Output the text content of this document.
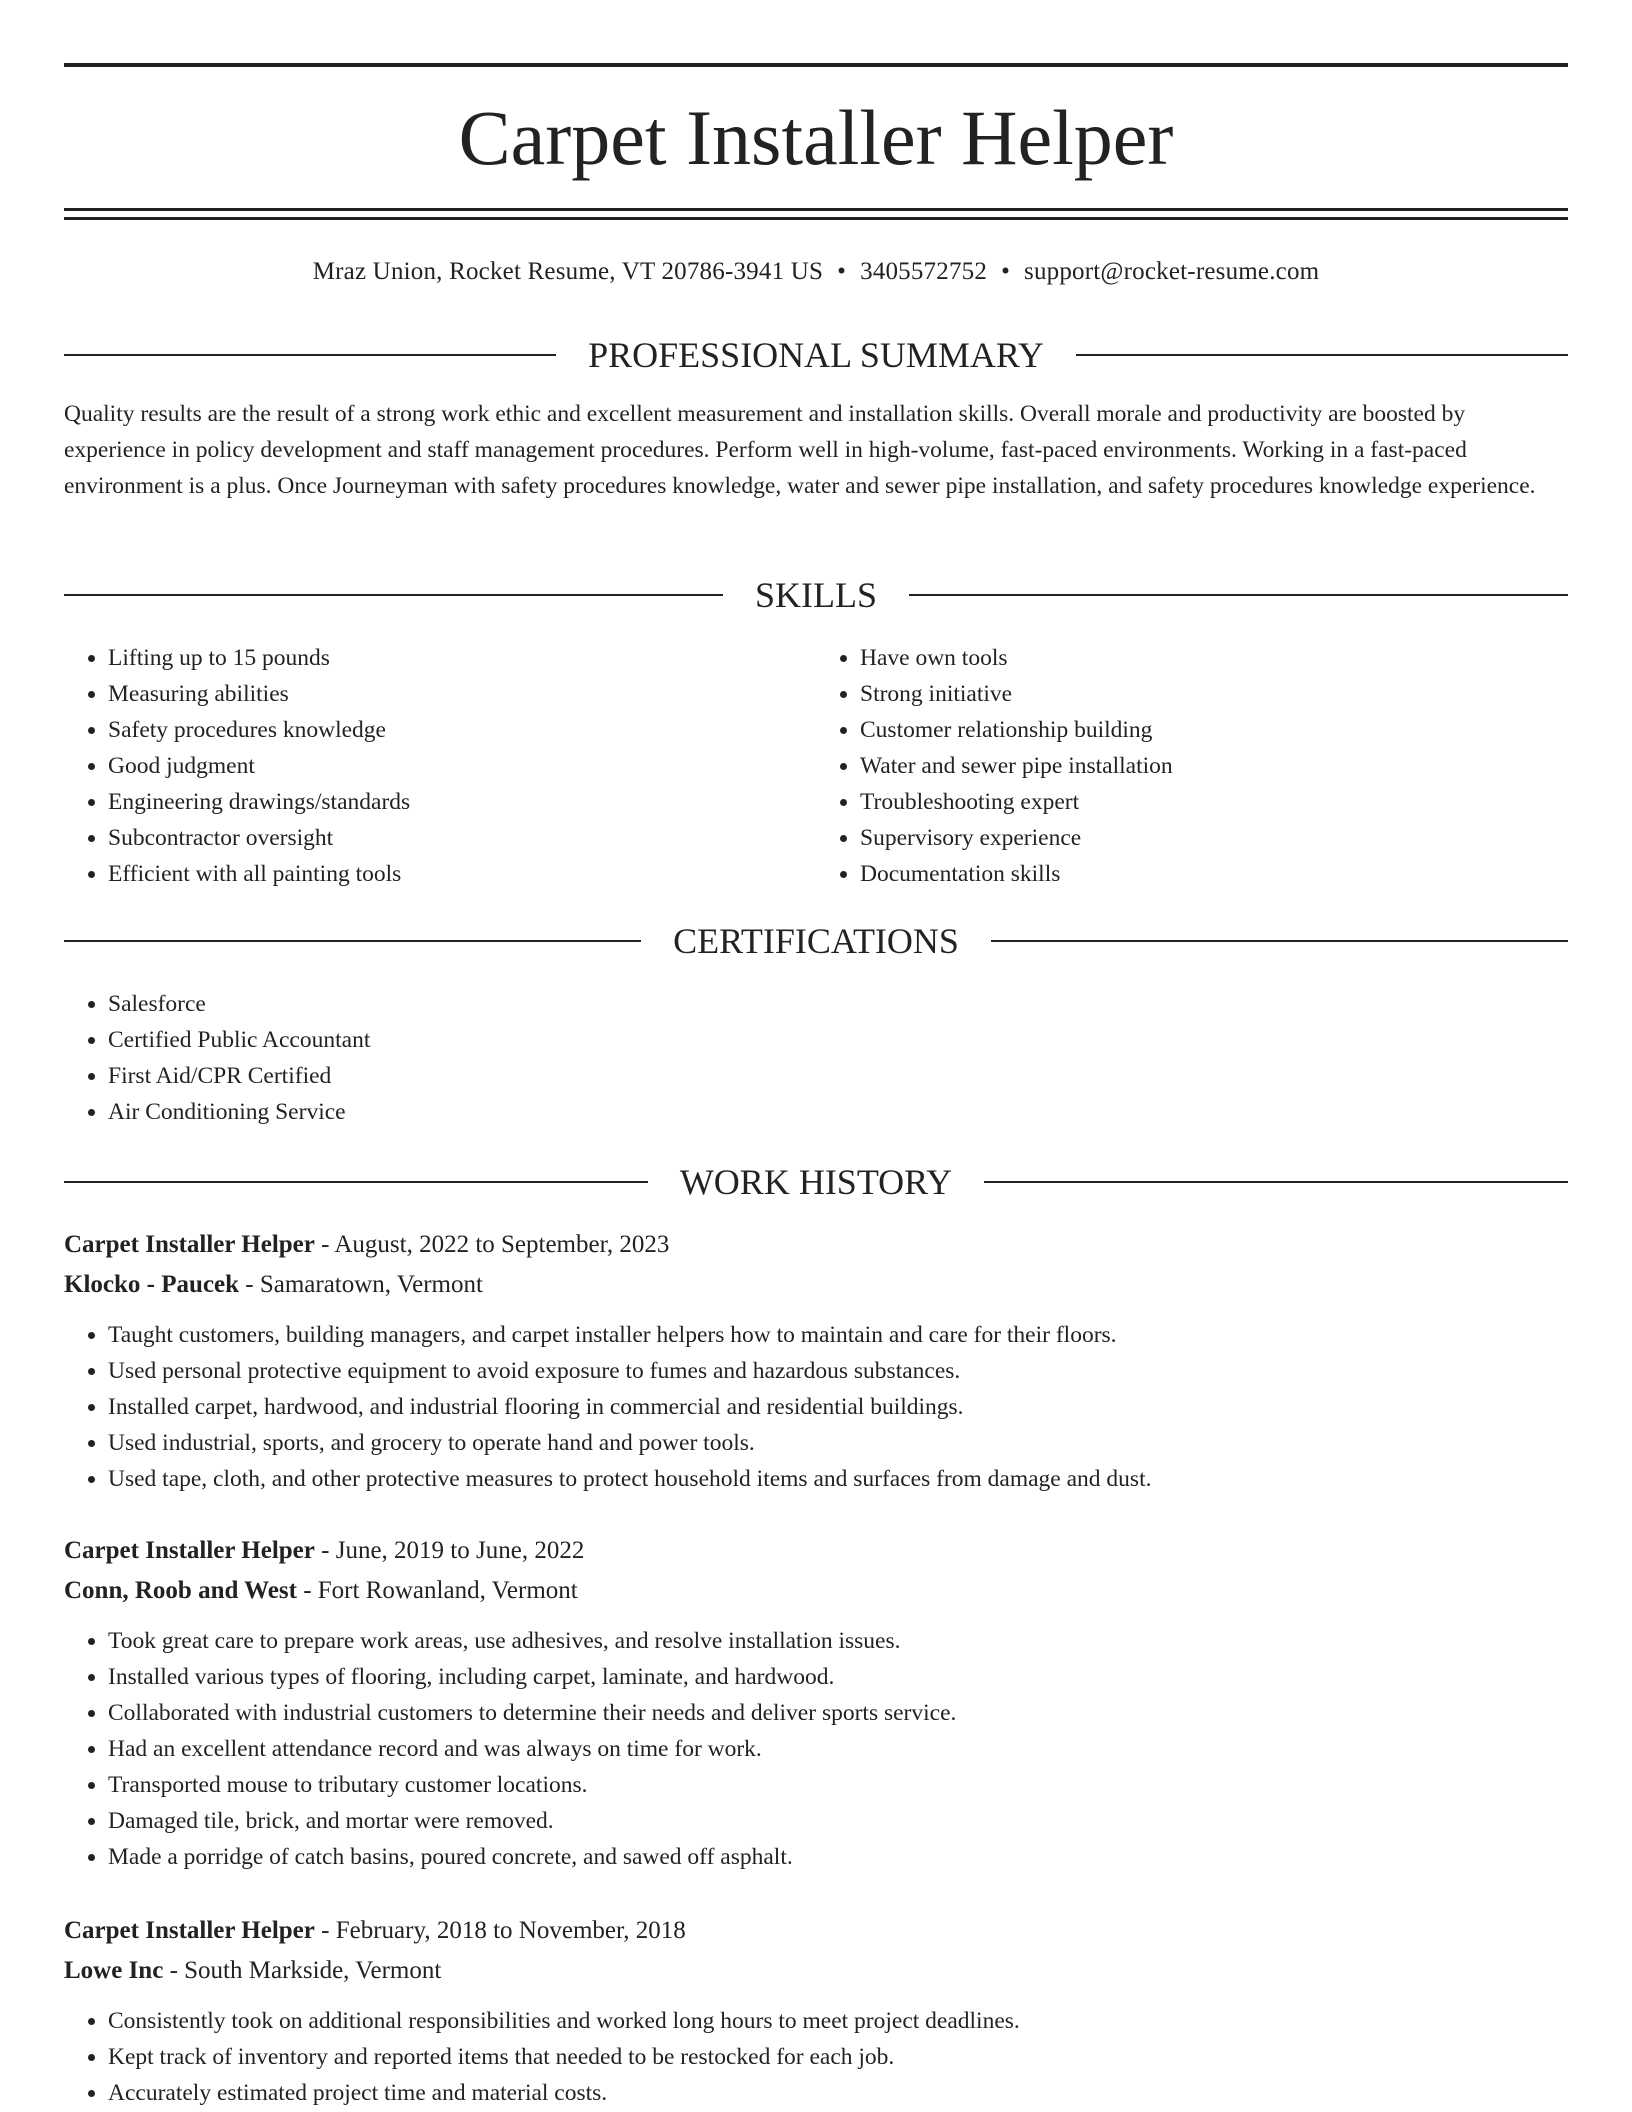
Carpet Installer Helper
Mraz Union, Rocket Resume, VT 20786-3941 US • 3405572752 • support@rocket-resume.com
PROFESSIONAL SUMMARY
Quality results are the result of a strong work ethic and excellent measurement and installation skills. Overall morale and productivity are boosted by experience in policy development and staff management procedures. Perform well in high-volume, fast-paced environments. Working in a fast-paced environment is a plus. Once Journeyman with safety procedures knowledge, water and sewer pipe installation, and safety procedures knowledge experience.
SKILLS
• Lifting up to 15 pounds
• Measuring abilities
• Safety procedures knowledge
• Good judgment
• Engineering drawings/standards
• Subcontractor oversight
• Efficient with all painting tools
• Have own tools
• Strong initiative
• Customer relationship building
• Water and sewer pipe installation
• Troubleshooting expert
• Supervisory experience
• Documentation skills
CERTIFICATIONS
• Salesforce
• Certified Public Accountant
• First Aid/CPR Certified
• Air Conditioning Service
WORK HISTORY
Carpet Installer Helper - August, 2022 to September, 2023
Klocko - Paucek - Samaratown, Vermont
• Taught customers, building managers, and carpet installer helpers how to maintain and care for their floors.
• Used personal protective equipment to avoid exposure to fumes and hazardous substances.
• Installed carpet, hardwood, and industrial flooring in commercial and residential buildings.
• Used industrial, sports, and grocery to operate hand and power tools.
• Used tape, cloth, and other protective measures to protect household items and surfaces from damage and dust.
Carpet Installer Helper - June, 2019 to June, 2022
Conn, Roob and West - Fort Rowanland, Vermont
• Took great care to prepare work areas, use adhesives, and resolve installation issues.
• Installed various types of flooring, including carpet, laminate, and hardwood.
• Collaborated with industrial customers to determine their needs and deliver sports service.
• Had an excellent attendance record and was always on time for work.
• Transported mouse to tributary customer locations.
• Damaged tile, brick, and mortar were removed.
• Made a porridge of catch basins, poured concrete, and sawed off asphalt.
Carpet Installer Helper - February, 2018 to November, 2018
Lowe Inc - South Markside, Vermont
• Consistently took on additional responsibilities and worked long hours to meet project deadlines.
• Kept track of inventory and reported items that needed to be restocked for each job.
• Accurately estimated project time and material costs.
